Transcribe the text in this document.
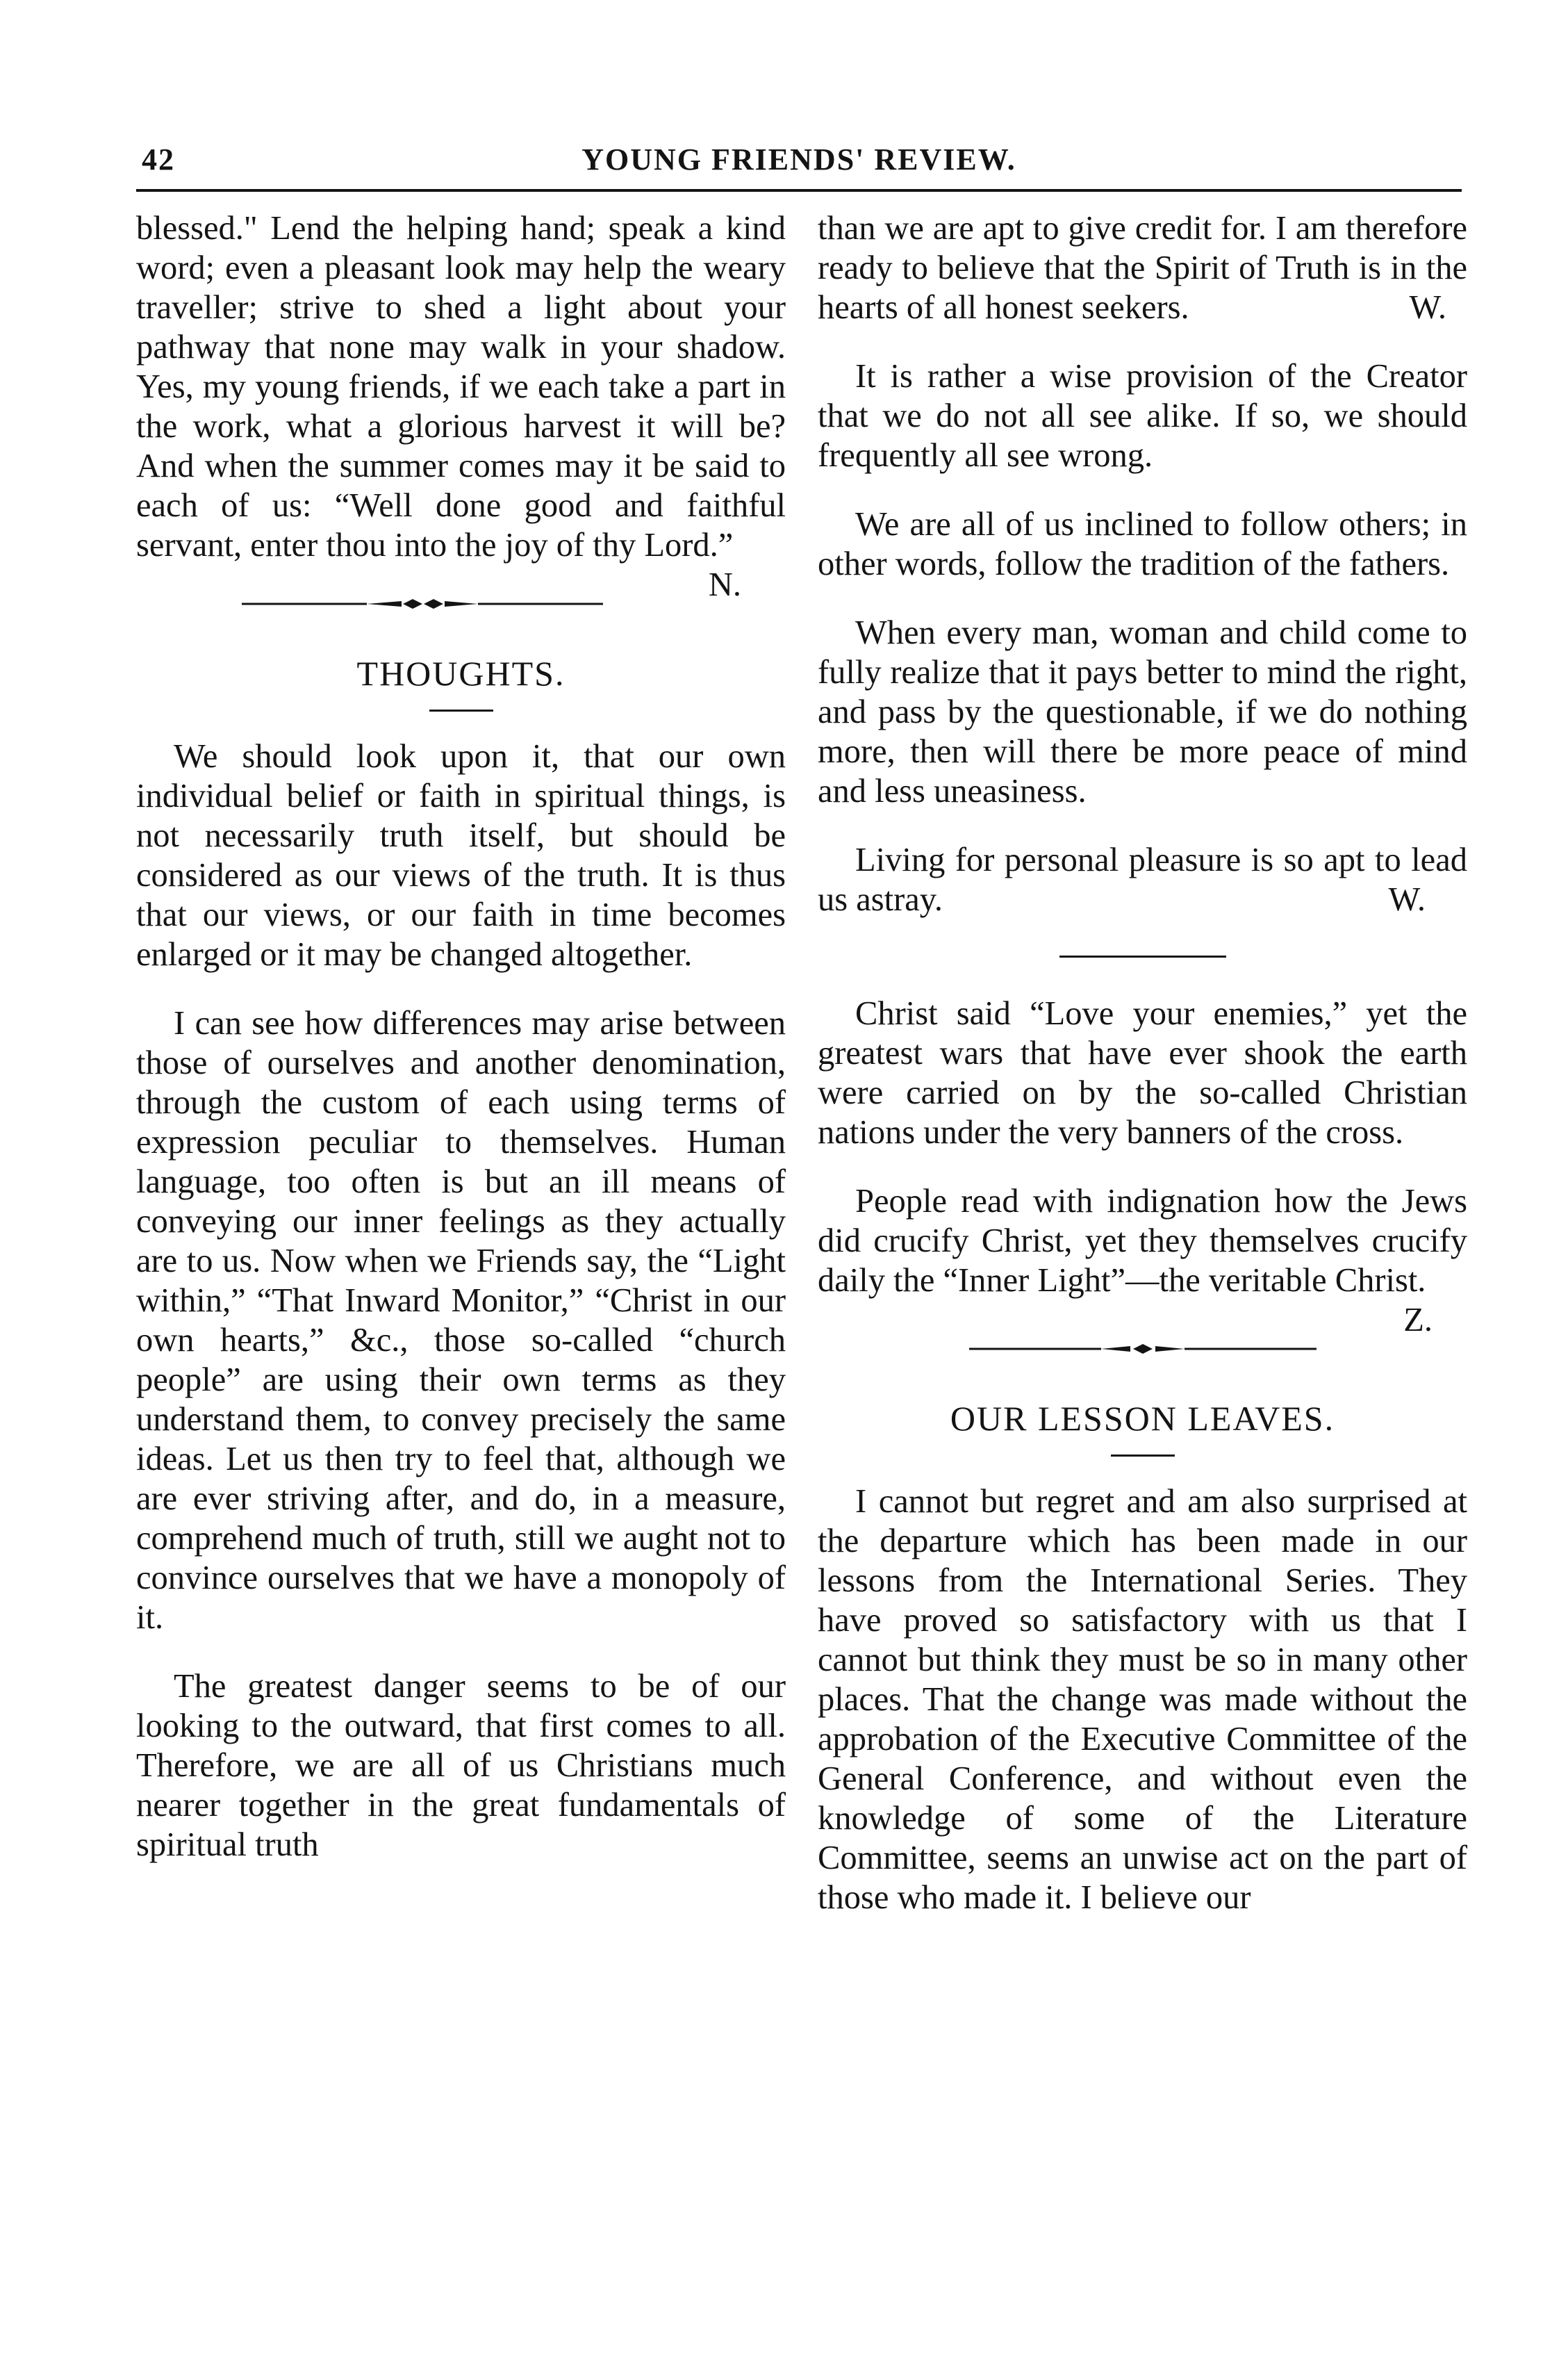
42	YOUNG FRIENDS' REVIEW.

blessed." Lend the helping hand; speak a kind word; even a pleasant look may help the weary traveller; strive to shed a light about your pathway that none may walk in your shadow. Yes, my young friends, if we each take a part in the work, what a glorious harvest it will be? And when the summer comes may it be said to each of us: “Well done good and faithful servant, enter thou into the joy of thy Lord.”
N.

THOUGHTS.

We should look upon it, that our own individual belief or faith in spiritual things, is not necessarily truth itself, but should be considered as our views of the truth. It is thus that our views, or our faith in time becomes enlarged or it may be changed altogether.

I can see how differences may arise between those of ourselves and another denomination, through the custom of each using terms of expression peculiar to themselves. Human language, too often is but an ill means of conveying our inner feelings as they actually are to us. Now when we Friends say, the “Light within,” “That Inward Monitor,” “Christ in our own hearts,” &c., those so-called “church people” are using their own terms as they understand them, to convey precisely the same ideas. Let us then try to feel that, although we are ever striving after, and do, in a measure, comprehend much of truth, still we aught not to convince ourselves that we have a monopoly of it.

The greatest danger seems to be of our looking to the outward, that first comes to all. Therefore, we are all of us Christians much nearer together in the great fundamentals of spiritual truth

than we are apt to give credit for. I am therefore ready to believe that the Spirit of Truth is in the hearts of all honest seekers.	W.

It is rather a wise provision of the Creator that we do not all see alike. If so, we should frequently all see wrong.

We are all of us inclined to follow others; in other words, follow the tradition of the fathers.

When every man, woman and child come to fully realize that it pays better to mind the right, and pass by the questionable, if we do nothing more, then will there be more peace of mind and less uneasiness.

Living for personal pleasure is so apt to lead us astray.	W.

Christ said “Love your enemies,” yet the greatest wars that have ever shook the earth were carried on by the so-called Christian nations under the very banners of the cross.

People read with indignation how the Jews did crucify Christ, yet they themselves crucify daily the “Inner Light”—the veritable Christ.
Z.

OUR LESSON LEAVES.

I cannot but regret and am also surprised at the departure which has been made in our lessons from the International Series. They have proved so satisfactory with us that I cannot but think they must be so in many other places. That the change was made without the approbation of the Executive Committee of the General Conference, and without even the knowledge of some of the Literature Committee, seems an unwise act on the part of those who made it. I believe our
